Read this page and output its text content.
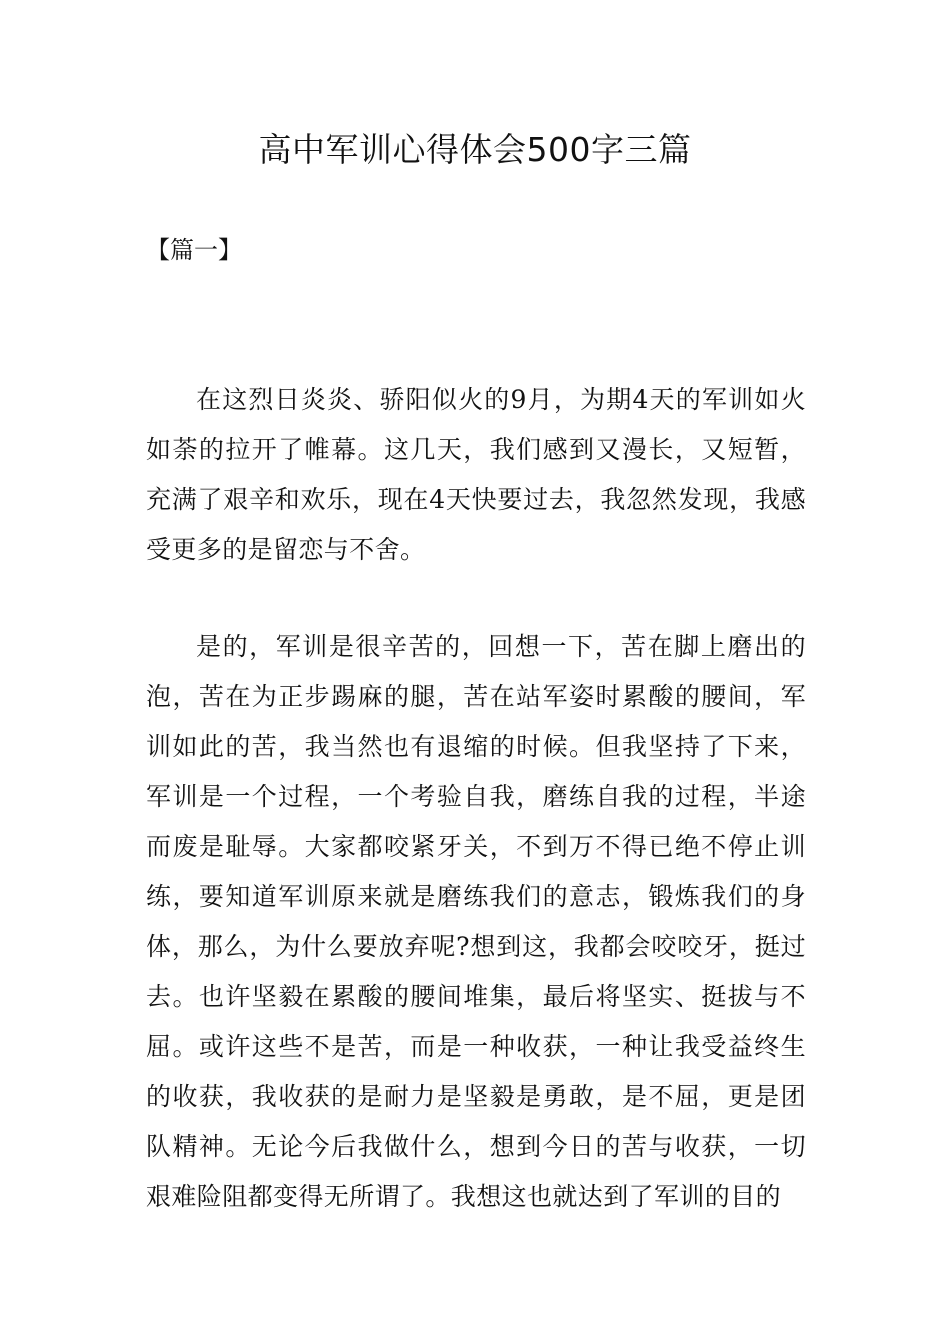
高中军训心得体会500字三篇
【篇一】

在这烈日炎炎、骄阳似火的9月，为期4天的军训如火如荼的拉开了帷幕。这几天，我们感到又漫长，又短暂，充满了艰辛和欢乐，现在4天快要过去，我忽然发现，我感受更多的是留恋与不舍。

是的，军训是很辛苦的，回想一下，苦在脚上磨出的泡，苦在为正步踢麻的腿，苦在站军姿时累酸的腰间，军训如此的苦，我当然也有退缩的时候。但我坚持了下来，军训是一个过程，一个考验自我，磨练自我的过程，半途而废是耻辱。大家都咬紧牙关，不到万不得已绝不停止训练，要知道军训原来就是磨练我们的意志，锻炼我们的身体，那么，为什么要放弃呢?想到这，我都会咬咬牙，挺过去。也许坚毅在累酸的腰间堆集，最后将坚实、挺拔与不屈。或许这些不是苦，而是一种收获，一种让我受益终生的收获，我收获的是耐力是坚毅是勇敢，是不屈，更是团队精神。无论今后我做什么，想到今日的苦与收获，一切艰难险阻都变得无所谓了。我想这也就达到了军训的目的
